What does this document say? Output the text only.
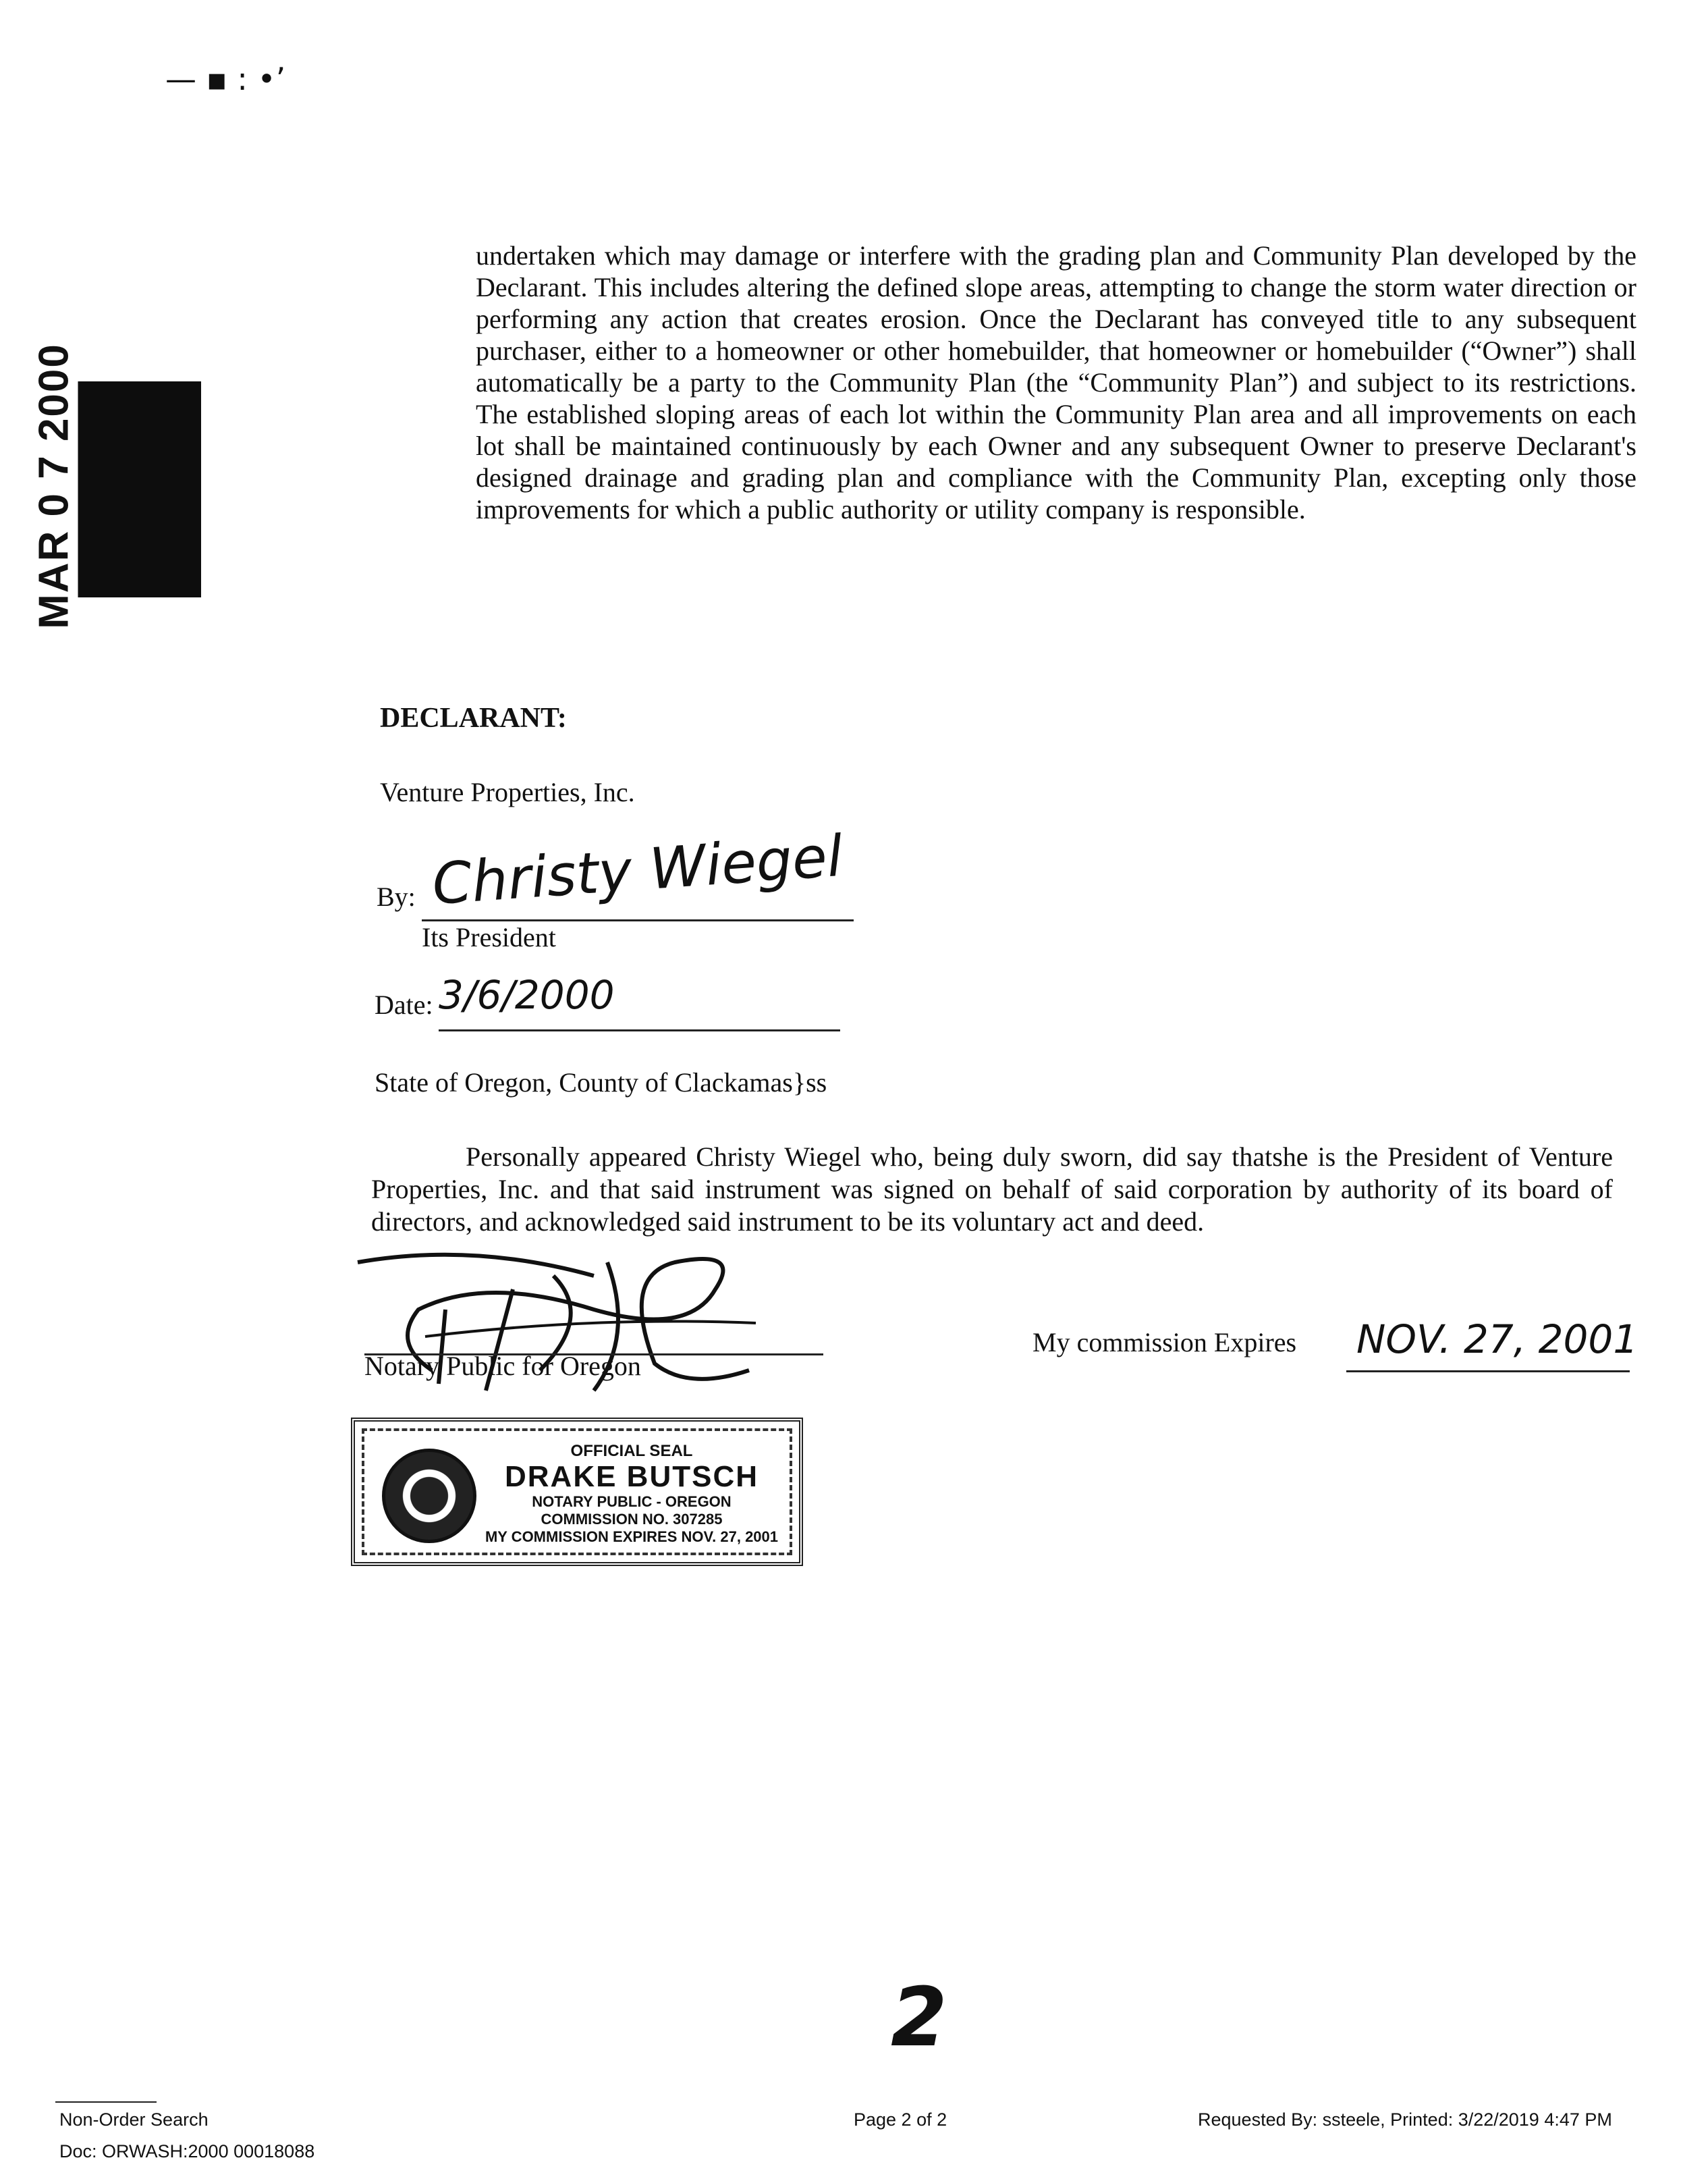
— ▪ : •’
MAR 0 7 2000
undertaken which may damage or interfere with the grading plan and Community Plan developed by the Declarant. This includes altering the defined slope areas, attempting to change the storm water direction or performing any action that creates erosion. Once the Declarant has conveyed title to any subsequent purchaser, either to a homeowner or other homebuilder, that homeowner or homebuilder (“Owner”) shall automatically be a party to the Community Plan (the “Community Plan”) and subject to its restrictions. The established sloping areas of each lot within the Community Plan area and all improvements on each lot shall be maintained continuously by each Owner and any subsequent Owner to preserve Declarant's designed drainage and grading plan and compliance with the Community Plan, excepting only those improvements for which a public authority or utility company is responsible.
DECLARANT:
Venture Properties, Inc.
By: Christy Wiegel
Its President
Date: 3/6/2000
State of Oregon, County of Clackamas}ss
Personally appeared Christy Wiegel who, being duly sworn, did say thatshe is the President of Venture Properties, Inc. and that said instrument was signed on behalf of said corporation by authority of its board of directors, and acknowledged said instrument to be its voluntary act and deed.
Notary Public for Oregon
My commission Expires NOV. 27, 2001
OFFICIAL SEAL
DRAKE BUTSCH
NOTARY PUBLIC - OREGON
COMMISSION NO. 307285
MY COMMISSION EXPIRES NOV. 27, 2001
2
Non-Order Search
Doc: ORWASH:2000 00018088
Page 2 of 2	Requested By: ssteele, Printed: 3/22/2019 4:47 PM
